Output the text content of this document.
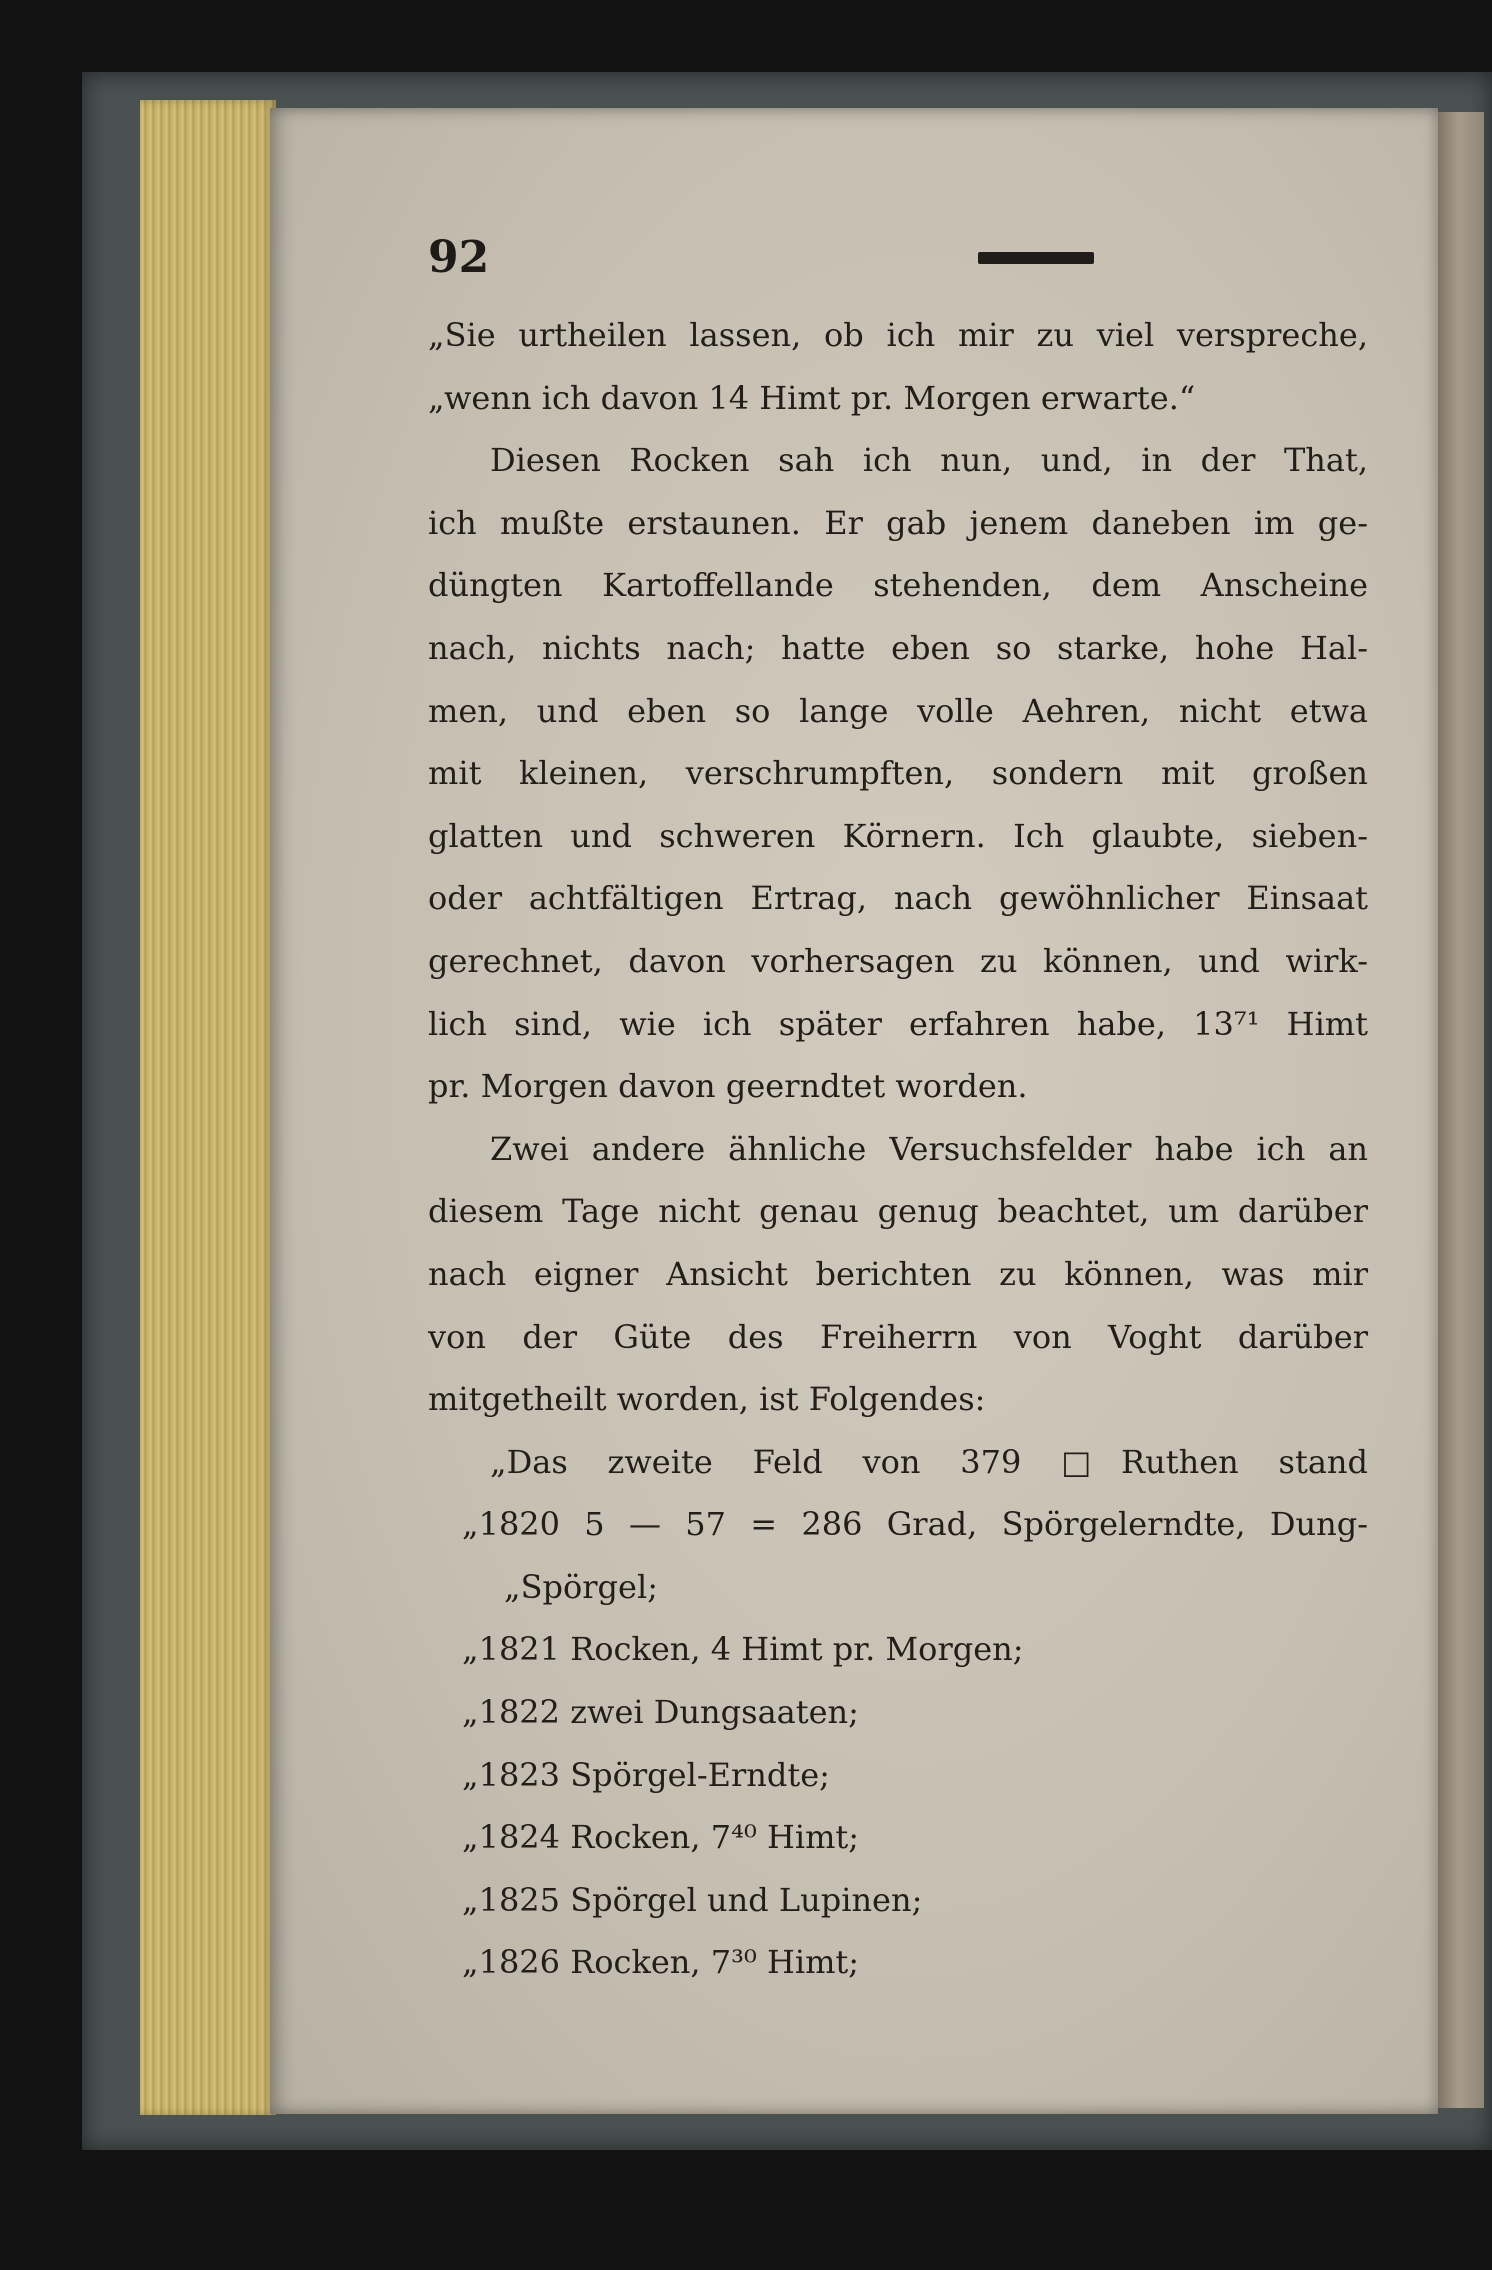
92
„Sie urtheilen lassen, ob ich mir zu viel verspreche,
„wenn ich davon 14 Himt pr. Morgen erwarte.“
Diesen Rocken sah ich nun, und, in der That,
ich mußte erstaunen. Er gab jenem daneben im ge-
düngten Kartoffellande stehenden, dem Anscheine
nach, nichts nach; hatte eben so starke, hohe Hal-
men, und eben so lange volle Aehren, nicht etwa
mit kleinen, verschrumpften, sondern mit großen
glatten und schweren Körnern. Ich glaubte, sieben-
oder achtfältigen Ertrag, nach gewöhnlicher Einsaat
gerechnet, davon vorhersagen zu können, und wirk-
lich sind, wie ich später erfahren habe, 13⁷¹ Himt
pr. Morgen davon geerndtet worden.
Zwei andere ähnliche Versuchsfelder habe ich an
diesem Tage nicht genau genug beachtet, um darüber
nach eigner Ansicht berichten zu können, was mir
von der Güte des Freiherrn von Voght darüber
mitgetheilt worden, ist Folgendes:
„Das zweite Feld von 379 □Ruthen stand
„1820 5 — 57 = 286 Grad, Spörgelerndte, Dung-
„Spörgel;
„1821 Rocken, 4 Himt pr. Morgen;
„1822 zwei Dungsaaten;
„1823 Spörgel-Erndte;
„1824 Rocken, 7⁴⁰ Himt;
„1825 Spörgel und Lupinen;
„1826 Rocken, 7³⁰ Himt;
